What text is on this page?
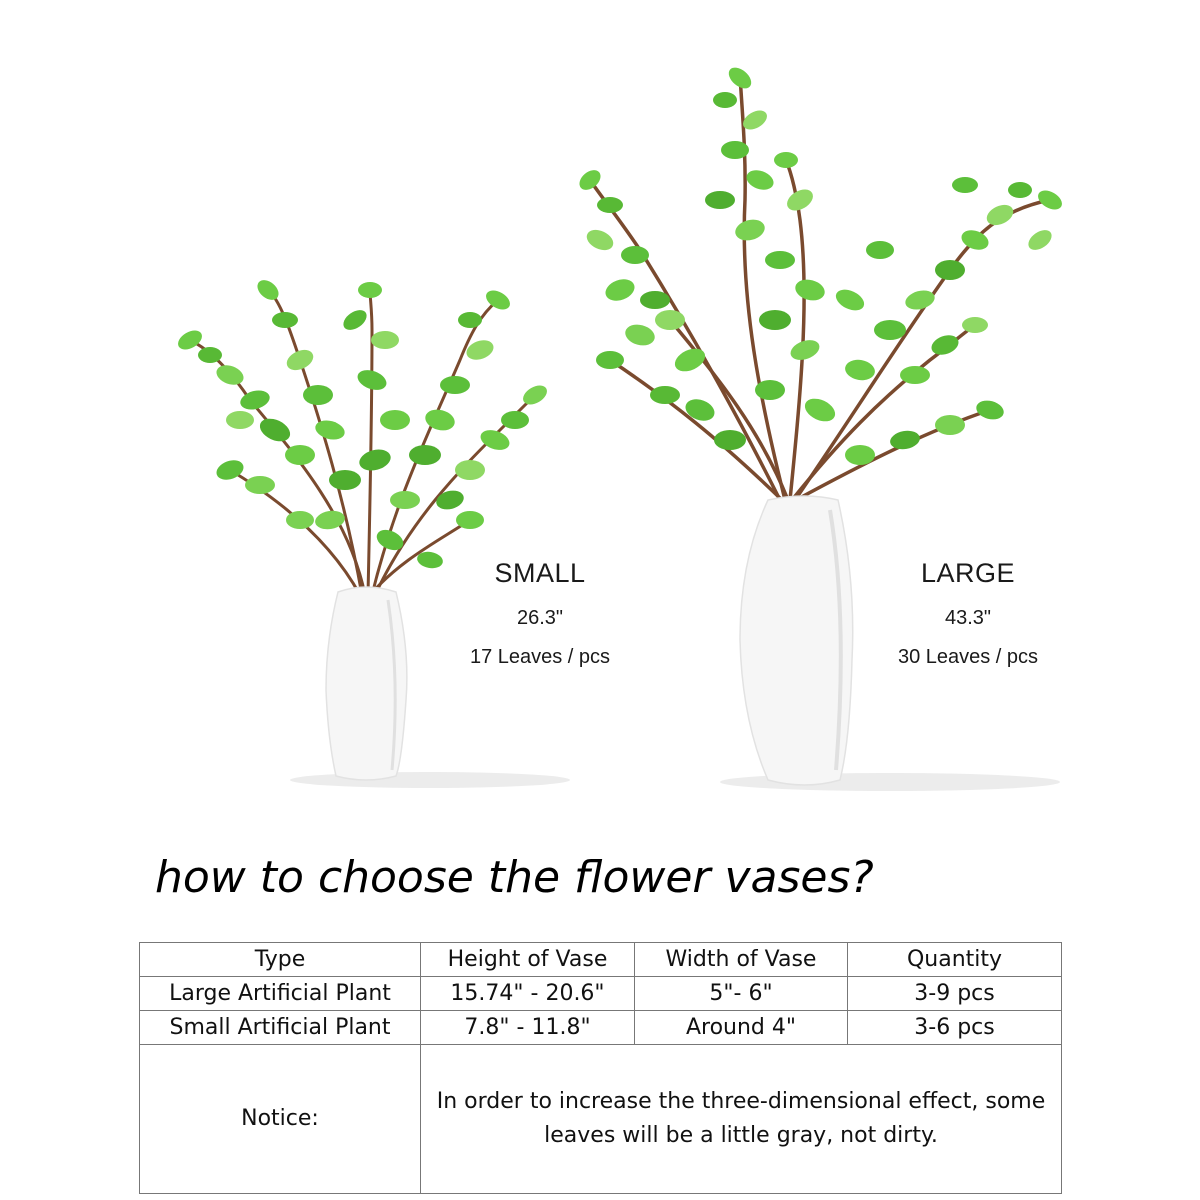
SMALL
26.3"
17 Leaves / pcs
LARGE
43.3"
30 Leaves / pcs
how to choose the flower vases?
Type	Height of Vase	Width of Vase	Quantity
Large Artificial Plant	15.74" - 20.6"	5"- 6"	3-9 pcs
Small Artificial Plant	7.8" - 11.8"	Around 4"	3-6 pcs
Notice:	In order to increase the three-dimensional effect, some leaves will be a little gray, not dirty.		
